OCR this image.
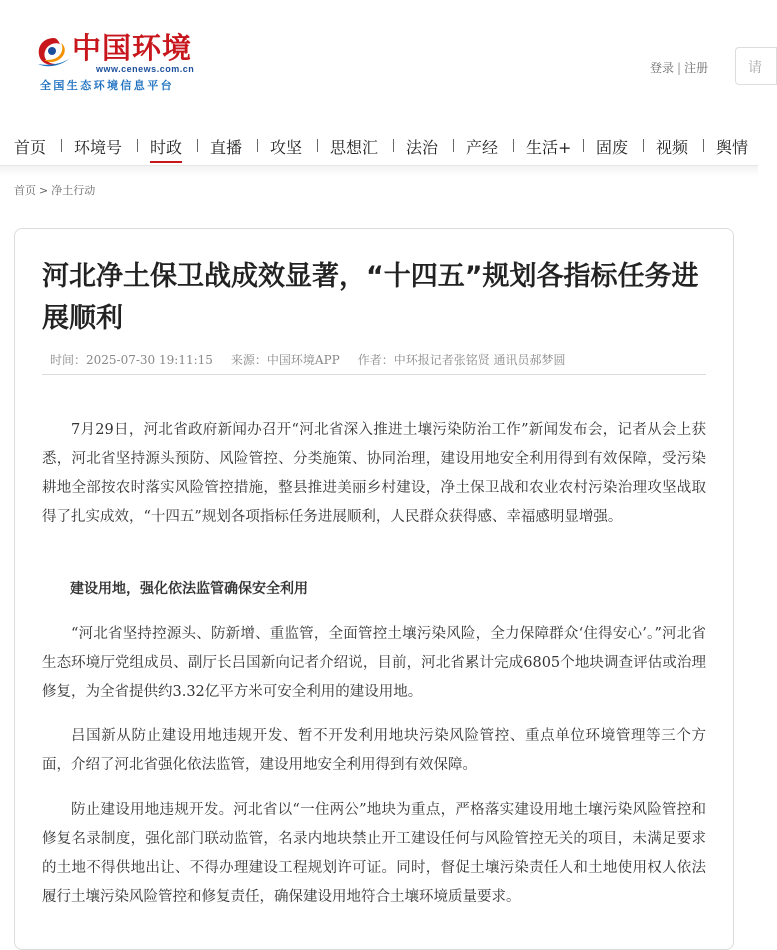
中国环境
www.cenews.com.cn
全国生态环境信息平台
登录 | 注册	请
首页 环境号 时政 直播 攻坚 思想汇 法治 产经 生活+ 固废 视频 舆情
首页 > 净土行动
河北净土保卫战成效显著，“十四五”规划各指标任务进展顺利
时间：2025-07-30 19:11:15 来源：中国环境APP 作者：中环报记者张铭贤 通讯员郝梦圆

7月29日，河北省政府新闻办召开“河北省深入推进土壤污染防治工作”新闻发布会，记者从会上获悉，河北省坚持源头预防、风险管控、分类施策、协同治理，建设用地安全利用得到有效保障，受污染耕地全部按农时落实风险管控措施，整县推进美丽乡村建设，净土保卫战和农业农村污染治理攻坚战取得了扎实成效，“十四五”规划各项指标任务进展顺利，人民群众获得感、幸福感明显增强。

建设用地，强化依法监管确保安全利用

“河北省坚持控源头、防新增、重监管，全面管控土壤污染风险，全力保障群众‘住得安心’。”河北省生态环境厅党组成员、副厅长吕国新向记者介绍说，目前，河北省累计完成6805个地块调查评估或治理修复，为全省提供约3.32亿平方米可安全利用的建设用地。

吕国新从防止建设用地违规开发、暂不开发利用地块污染风险管控、重点单位环境管理等三个方面，介绍了河北省强化依法监管，建设用地安全利用得到有效保障。

防止建设用地违规开发。河北省以“一住两公”地块为重点，严格落实建设用地土壤污染风险管控和修复名录制度，强化部门联动监管，名录内地块禁止开工建设任何与风险管控无关的项目，未满足要求的土地不得供地出让、不得办理建设工程规划许可证。同时，督促土壤污染责任人和土地使用权人依法履行土壤污染风险管控和修复责任，确保建设用地符合土壤环境质量要求。
